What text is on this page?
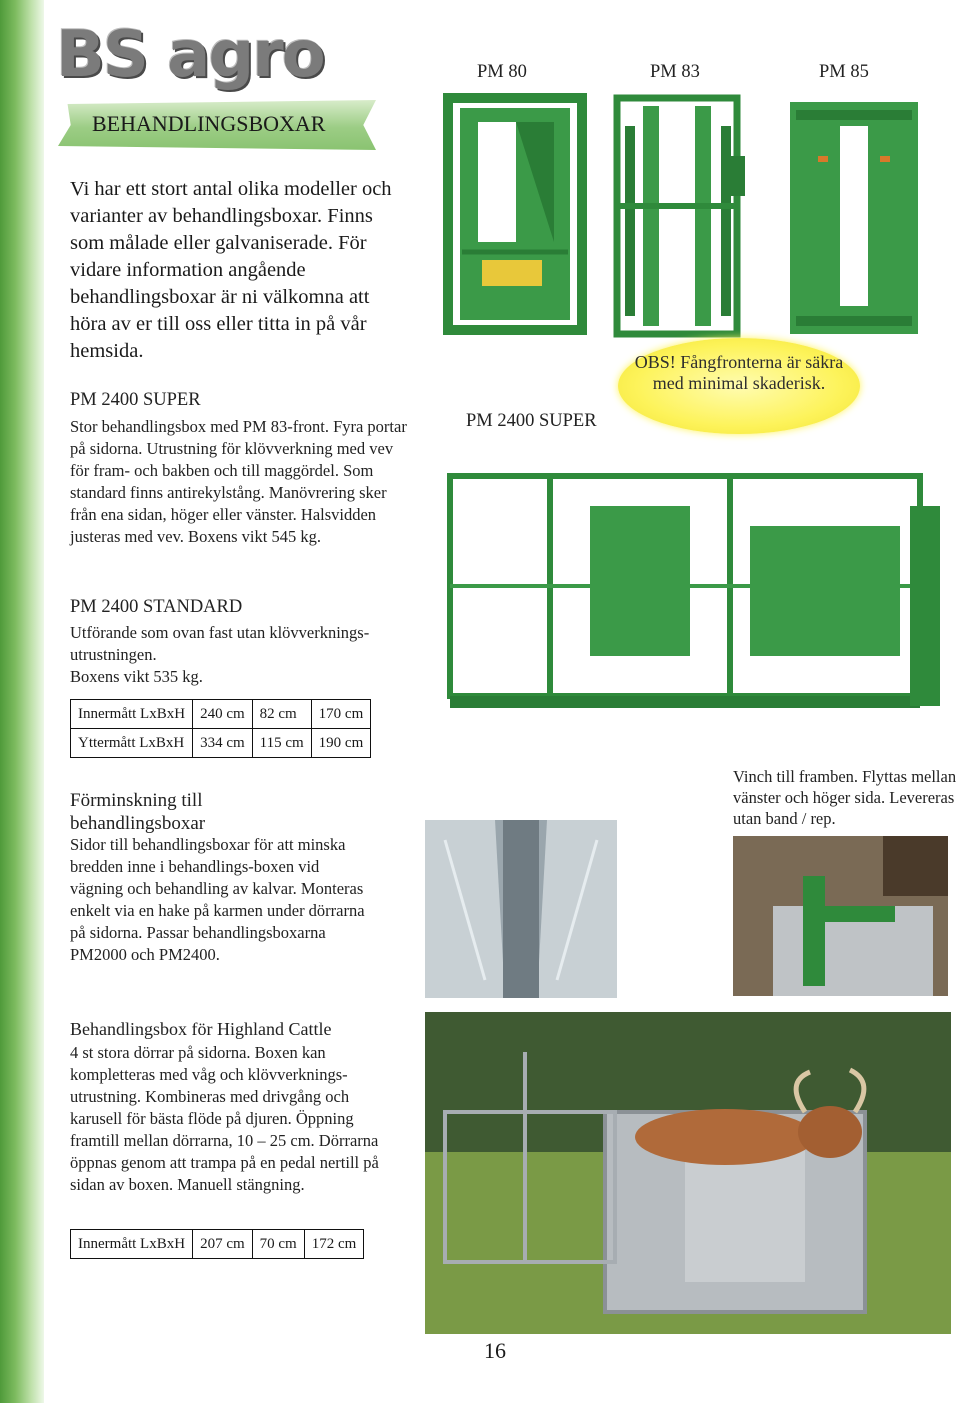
BS agro
BEHANDLINGSBOXAR

Vi har ett stort antal olika modeller och varianter av behandlingsboxar. Finns som målade eller galvaniserade. För vidare information angående behandlingsboxar är ni välkomna att höra av er till oss eller titta in på vår hemsida.

PM 2400 SUPER

Stor behandlingsbox med PM 83-front. Fyra portar på sidorna. Utrustning för klövverkning med vev för fram- och bakben och till maggördel. Som standard finns antirekylstång. Manövrering sker från ena sidan, höger eller vänster. Halsvidden justeras med vev. Boxens vikt 545 kg.

PM 2400 STANDARD

Utförande som ovan fast utan klövverknings-utrustningen.

Boxens vikt 535 kg.

Innermått LxBxH	240 cm	82 cm	170 cm
Yttermått LxBxH	334 cm	115 cm	190 cm
PM 80	PM 83	PM 85
PM 2400 SUPER
OBS! Fångfronterna är säkra med minimal skaderisk.
Förminskning till
behandlingsboxar

Sidor till behandlingsboxar för att minska bredden inne i behandlings-boxen vid vägning och behandling av kalvar. Monteras enkelt via en hake på karmen under dörrarna på sidorna. Passar behandlingsboxarna PM2000 och PM2400.

Vinch till framben. Flyttas mellan vänster och höger sida. Levereras utan band / rep.

Behandlingsbox för Highland Cattle

4 st stora dörrar på sidorna. Boxen kan kompletteras med våg och klövverknings-utrustning. Kombineras med drivgång och karusell för bästa flöde på djuren. Öppning framtill mellan dörrarna, 10 – 25 cm. Dörrarna öppnas genom att trampa på en pedal nertill på sidan av boxen. Manuell stängning.

Innermått LxBxH	207 cm	70 cm	172 cm
16
